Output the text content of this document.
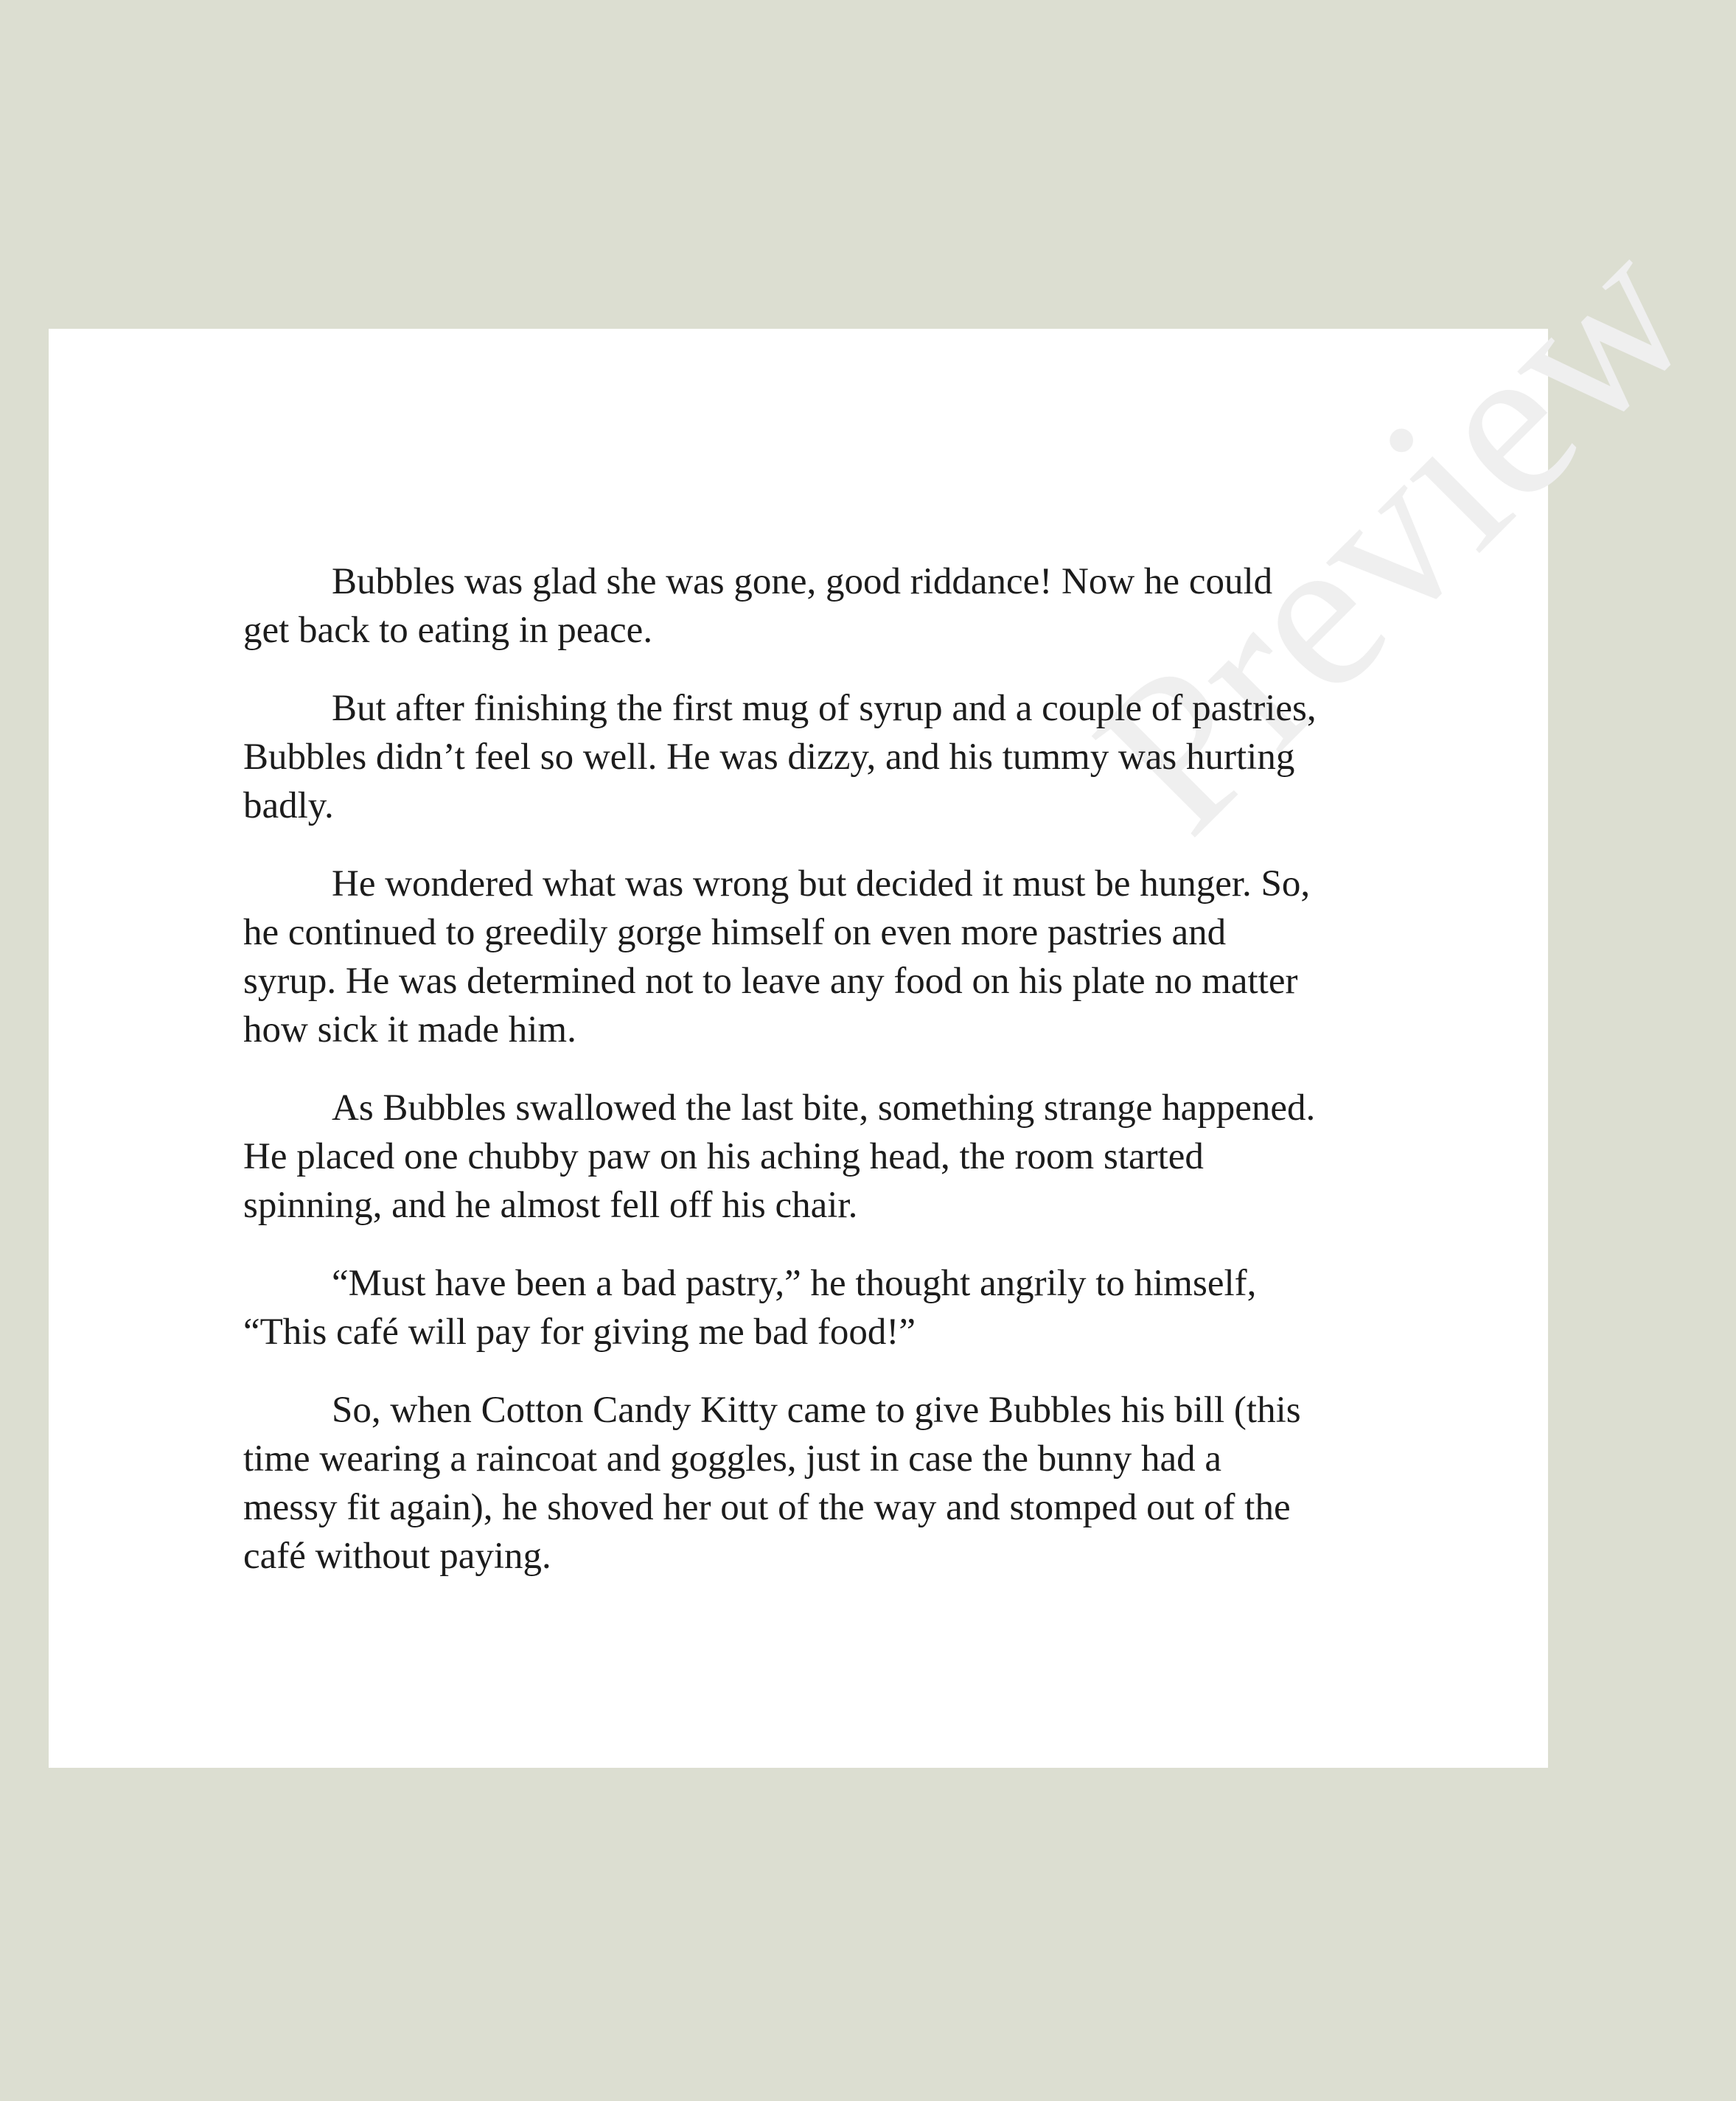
Preview

Bubbles was glad she was gone, good riddance! Now he could get back to eating in peace.

But after finishing the first mug of syrup and a couple of pastries, Bubbles didn’t feel so well. He was dizzy, and his tummy was hurting badly.

He wondered what was wrong but decided it must be hunger. So, he continued to greedily gorge himself on even more pastries and syrup. He was determined not to leave any food on his plate no matter how sick it made him.

As Bubbles swallowed the last bite, something strange happened. He placed one chubby paw on his aching head, the room started spinning, and he almost fell off his chair.

“Must have been a bad pastry,” he thought angrily to himself, “This café will pay for giving me bad food!”

So, when Cotton Candy Kitty came to give Bubbles his bill (this time wearing a raincoat and goggles, just in case the bunny had a messy fit again), he shoved her out of the way and stomped out of the café without paying.
